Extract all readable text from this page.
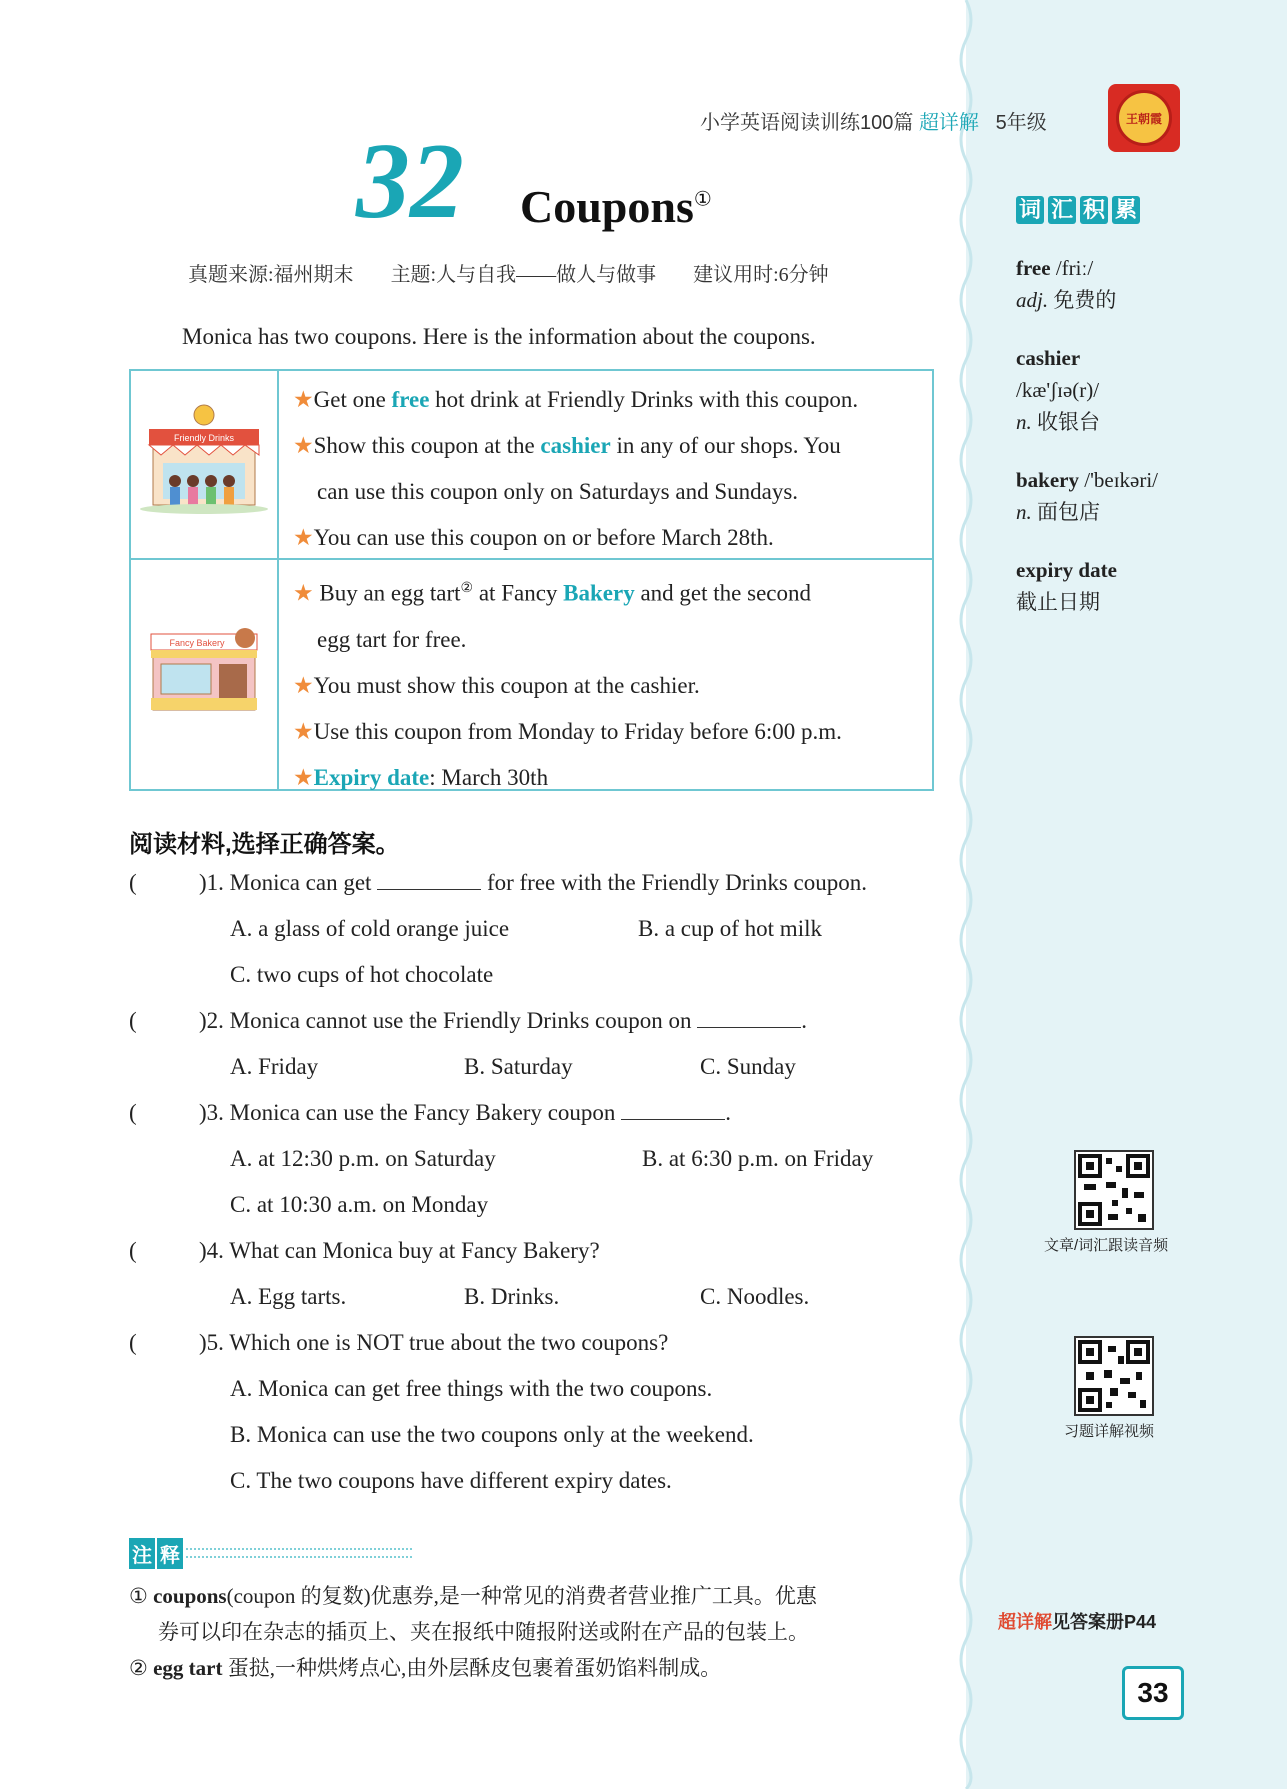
小学英语阅读训练100篇 超详解 5年级	王朝霞
32 Coupons①
真题来源:福州期末 主题:人与自我——做人与做事 建议用时:6分钟
Monica has two coupons. Here is the information about the coupons.
Friendly Drinks

★Get one free hot drink at Friendly Drinks with this coupon.

★Show this coupon at the cashier in any of our shops. You

can use this coupon only on Saturdays and Sundays.

★You can use this coupon on or before March 28th.

Fancy Bakery

★ Buy an egg tart② at Fancy Bakery and get the second

egg tart for free.

★You must show this coupon at the cashier.

★Use this coupon from Monday to Friday before 6:00 p.m.

★Expiry date: March 30th

阅读材料,选择正确答案。
(	)1. Monica can get	for free with the Friendly Drinks coupon.
A. a glass of cold orange juice	B. a cup of hot milk
C. two cups of hot chocolate
(	)2. Monica cannot use the Friendly Drinks coupon on	.
A. Friday	B. Saturday	C. Sunday
(	)3. Monica can use the Fancy Bakery coupon	.
A. at 12:30 p.m. on Saturday	B. at 6:30 p.m. on Friday
C. at 10:30 a.m. on Monday
(	)4. What can Monica buy at Fancy Bakery?
A. Egg tarts.	B. Drinks.	C. Noodles.
(	)5. Which one is NOT true about the two coupons?
A. Monica can get free things with the two coupons.
B. Monica can use the two coupons only at the weekend.
C. The two coupons have different expiry dates.
注 释
① coupons(coupon 的复数)优惠券,是一种常见的消费者营业推广工具。优惠
券可以印在杂志的插页上、夹在报纸中随报附送或附在产品的包装上。
② egg tart 蛋挞,一种烘烤点心,由外层酥皮包裹着蛋奶馅料制成。
词 汇 积 累
free /friː/
adj. 免费的
cashier
/kæ'ʃɪə(r)/
n. 收银台
bakery /'beɪkəri/
n. 面包店
expiry date
截止日期
文章/词汇跟读音频
习题详解视频
超详解见答案册P44
33
